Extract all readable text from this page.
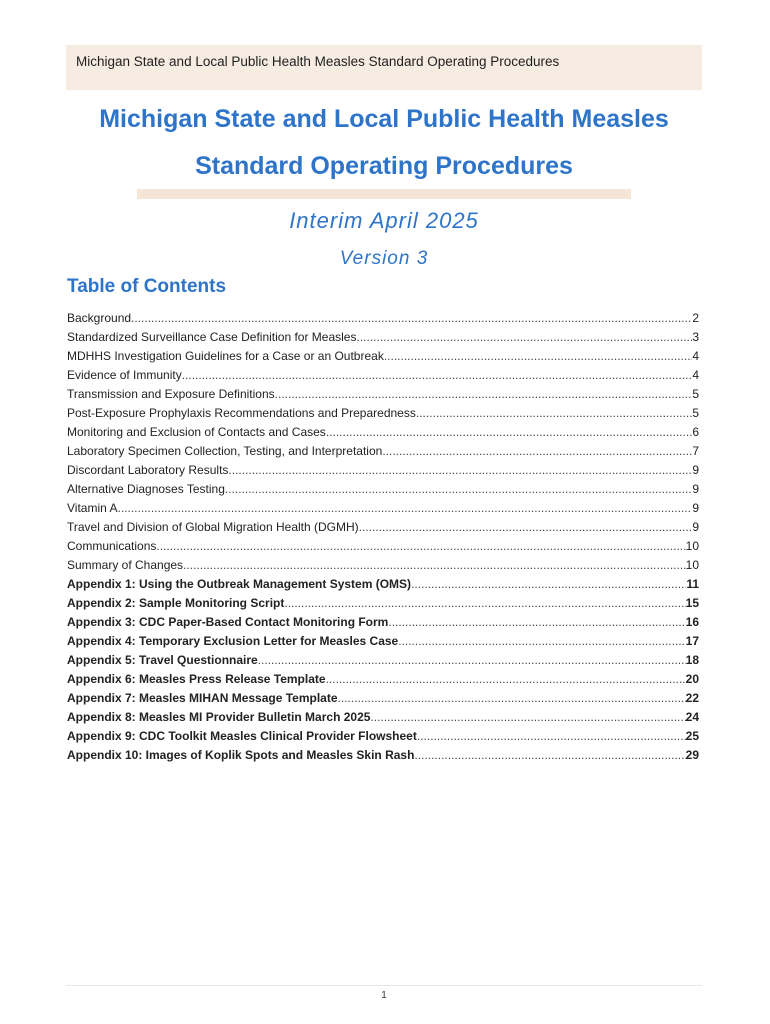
Michigan State and Local Public Health Measles Standard Operating Procedures
Michigan State and Local Public Health Measles
Standard Operating Procedures
Interim April 2025
Version 3
Table of Contents
Background .....	2
Standardized Surveillance Case Definition for Measles .....	3
MDHHS Investigation Guidelines for a Case or an Outbreak .....	4
Evidence of Immunity .....	4
Transmission and Exposure Definitions .....	5
Post-Exposure Prophylaxis Recommendations and Preparedness .....	5
Monitoring and Exclusion of Contacts and Cases .....	6
Laboratory Specimen Collection, Testing, and Interpretation .....	7
Discordant Laboratory Results .....	9
Alternative Diagnoses Testing .....	9
Vitamin A .....	9
Travel and Division of Global Migration Health (DGMH) .....	9
Communications .....	10
Summary of Changes .....	10
Appendix 1: Using the Outbreak Management System (OMS) .....	11
Appendix 2: Sample Monitoring Script .....	15
Appendix 3: CDC Paper-Based Contact Monitoring Form .....	16
Appendix 4: Temporary Exclusion Letter for Measles Case .....	17
Appendix 5: Travel Questionnaire .....	18
Appendix 6: Measles Press Release Template .....	20
Appendix 7: Measles MIHAN Message Template .....	22
Appendix 8: Measles MI Provider Bulletin March 2025 .....	24
Appendix 9: CDC Toolkit Measles Clinical Provider Flowsheet .....	25
Appendix 10: Images of Koplik Spots and Measles Skin Rash .....	29
1
